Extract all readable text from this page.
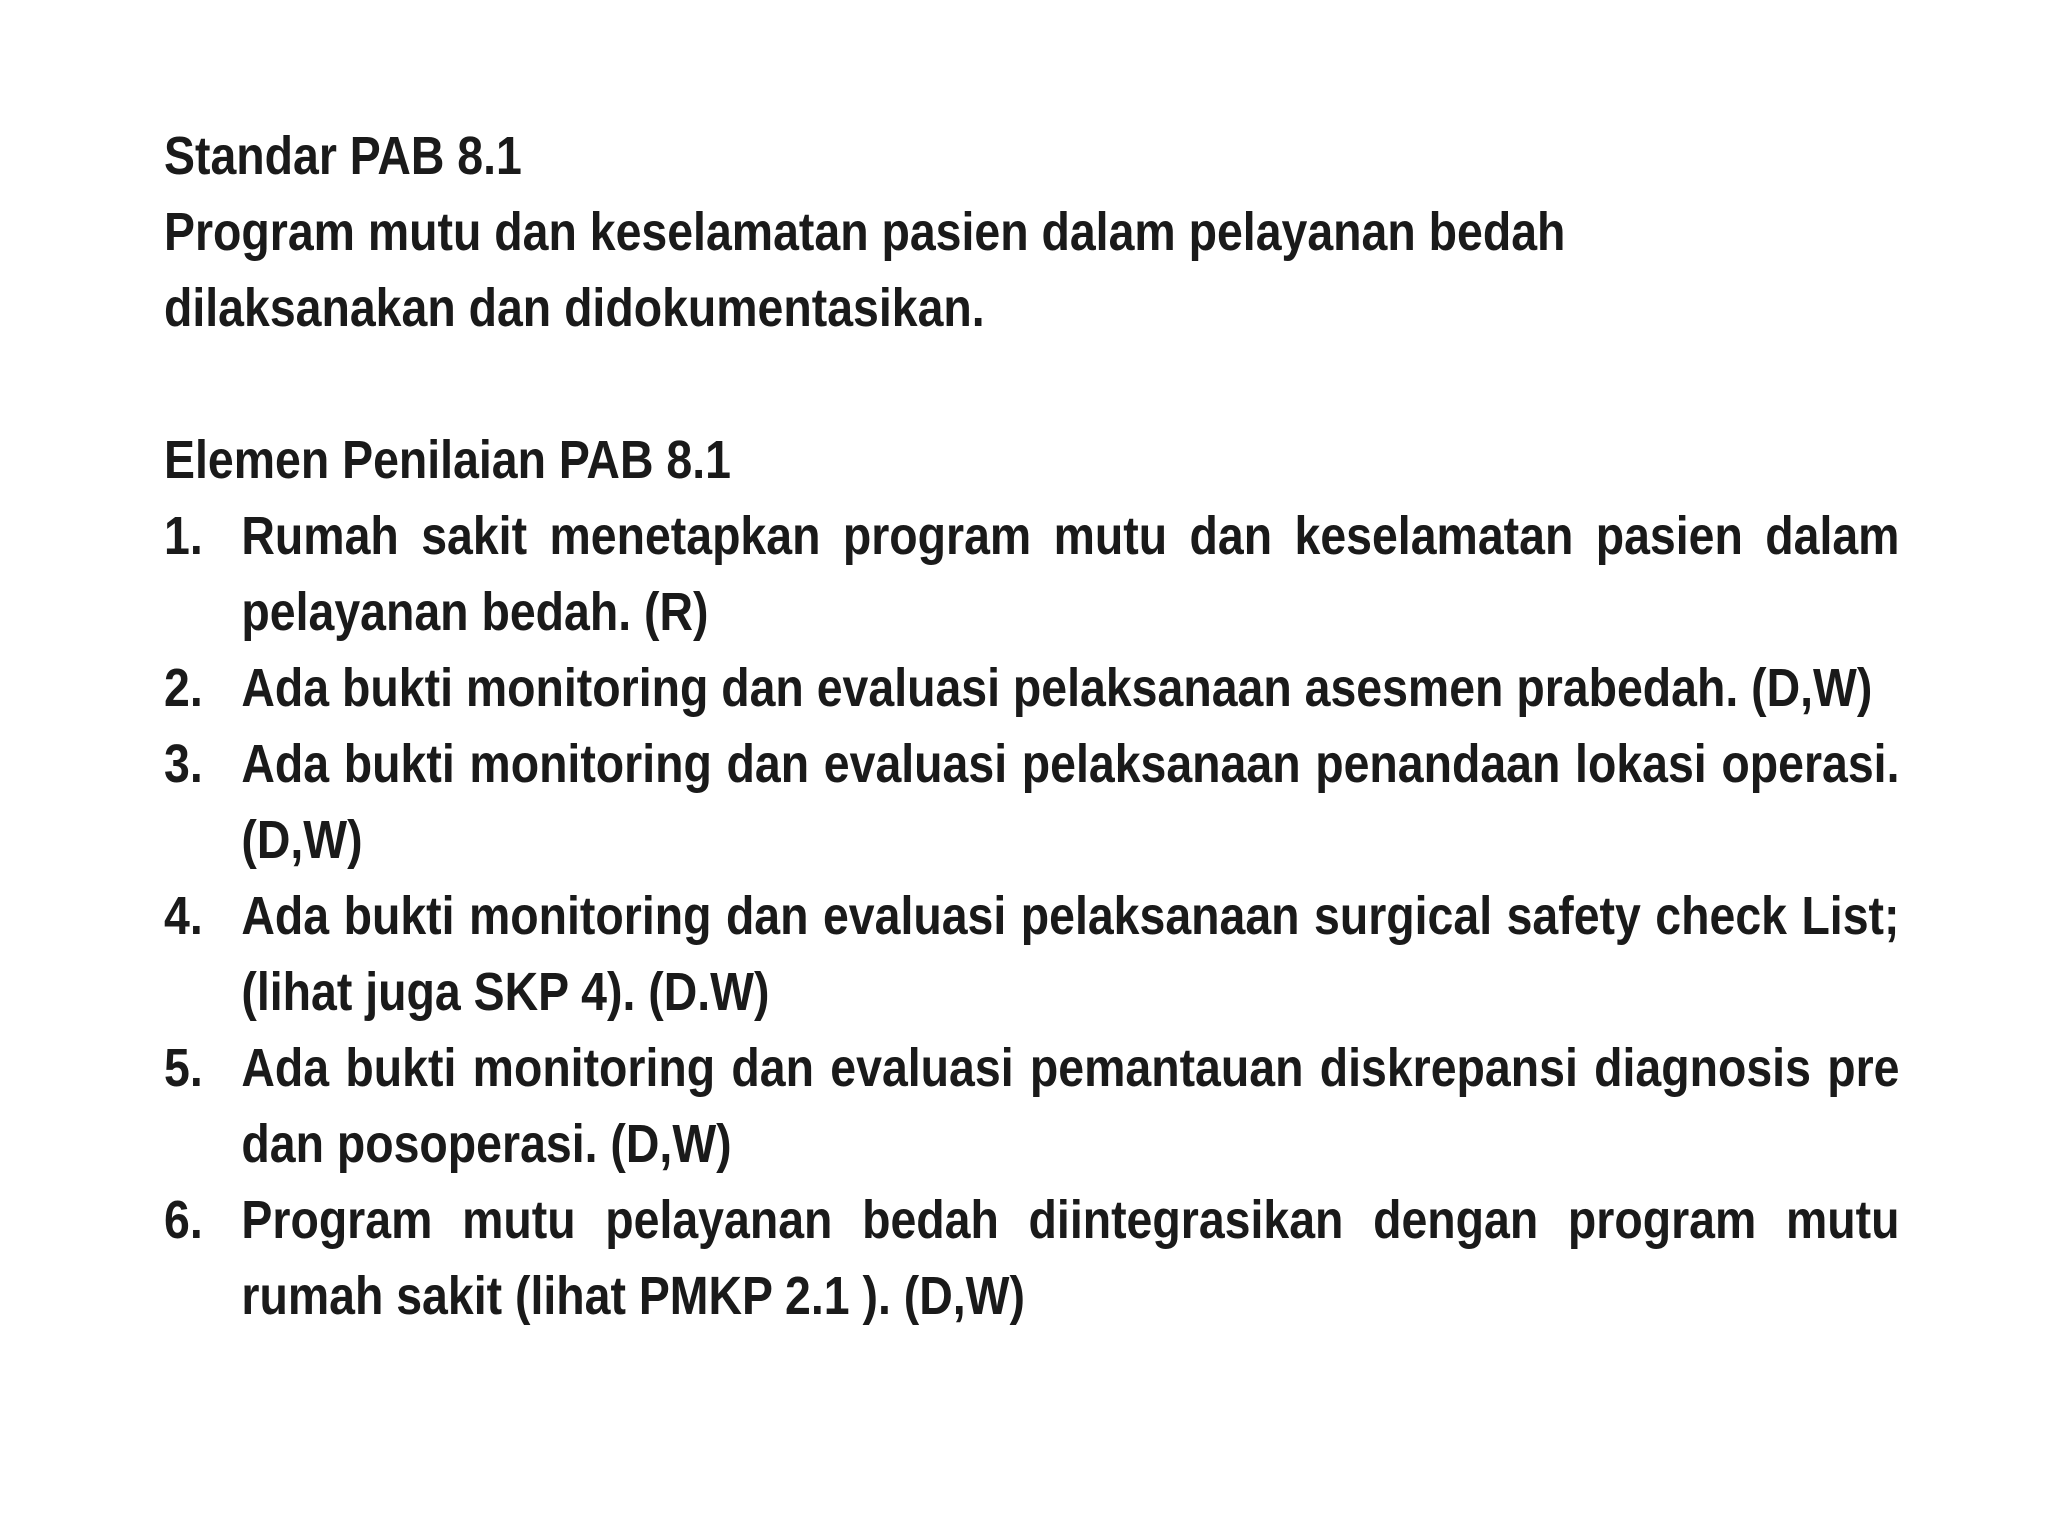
Standar PAB 8.1
Program mutu dan keselamatan pasien dalam pelayanan bedah
dilaksanakan dan didokumentasikan.
Elemen Penilaian PAB 8.1
1. Rumah sakit menetapkan program mutu dan keselamatan pasien dalam pelayanan bedah. (R)
2. Ada bukti monitoring dan evaluasi pelaksanaan asesmen prabedah. (D,W)
3. Ada bukti monitoring dan evaluasi pelaksanaan penandaan lokasi operasi. (D,W)
4. Ada bukti monitoring dan evaluasi pelaksanaan surgical safety check List; (lihat juga SKP 4). (D.W)
5. Ada bukti monitoring dan evaluasi pemantauan diskrepansi diagnosis pre dan posoperasi. (D,W)
6. Program mutu pelayanan bedah diintegrasikan dengan program mutu rumah sakit (lihat PMKP 2.1 ). (D,W)
